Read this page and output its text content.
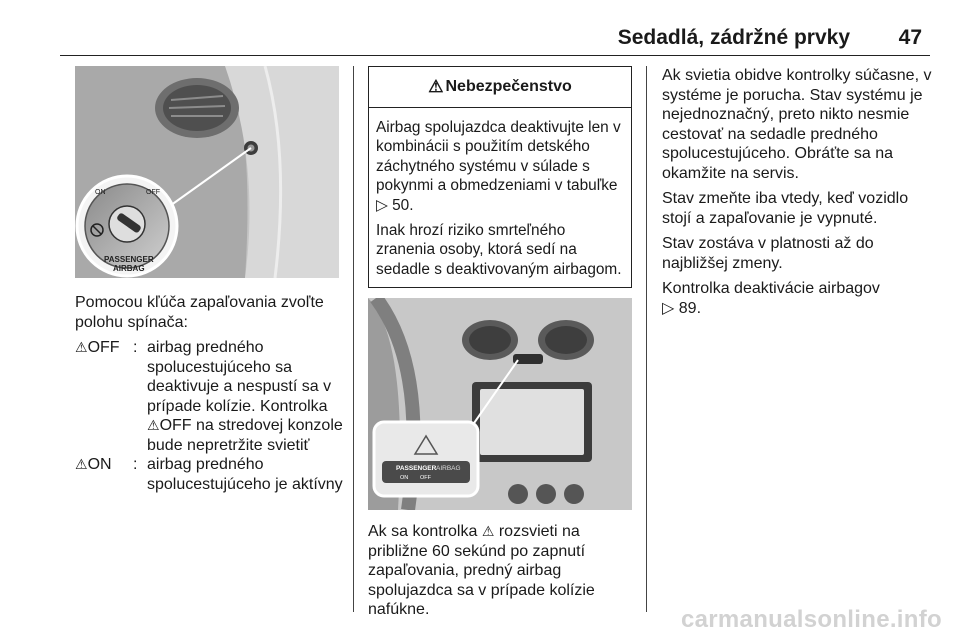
Sedadlá, zádržné prvky 47
PASSENGER
AIRBAG
ON	OFF

Pomocou kľúča zapaľovania zvoľte polohu spínača:

⚠︎OFF : airbag predného spolucestujúceho sa deaktivuje a nespustí sa v prípade kolízie. Kontrolka ⚠︎OFF na stredovej konzole bude nepretržite svietiť
⚠︎ON	: airbag predného spolucestujúceho je aktívny
⚠ Nebezpečenstvo

Airbag spolujazdca deaktivujte len v kombinácii s použitím detského záchytného systému v súlade s pokynmi a obmedzeniami v tabuľke ▷ 50.

Inak hrozí riziko smrteľného zranenia osoby, ktorá sedí na sedadle s deaktivovaným airbagom.

PASSENGER AIRBAG
ON OFF

Ak sa kontrolka ⚠︎ rozsvieti na približne 60 sekúnd po zapnutí zapaľovania, predný airbag spolujazdca sa v prípade kolízie nafúkne.

Ak svietia obidve kontrolky súčasne, v systéme je porucha. Stav systému je nejednoznačný, preto nikto nesmie cestovať na sedadle predného spolucestujúceho. Obráťte sa na okamžite na servis.

Stav zmeňte iba vtedy, keď vozidlo stojí a zapaľovanie je vypnuté.

Stav zostáva v platnosti až do najbližšej zmeny.

Kontrolka deaktivácie airbagov
▷ 89.

carmanualsonline.info
